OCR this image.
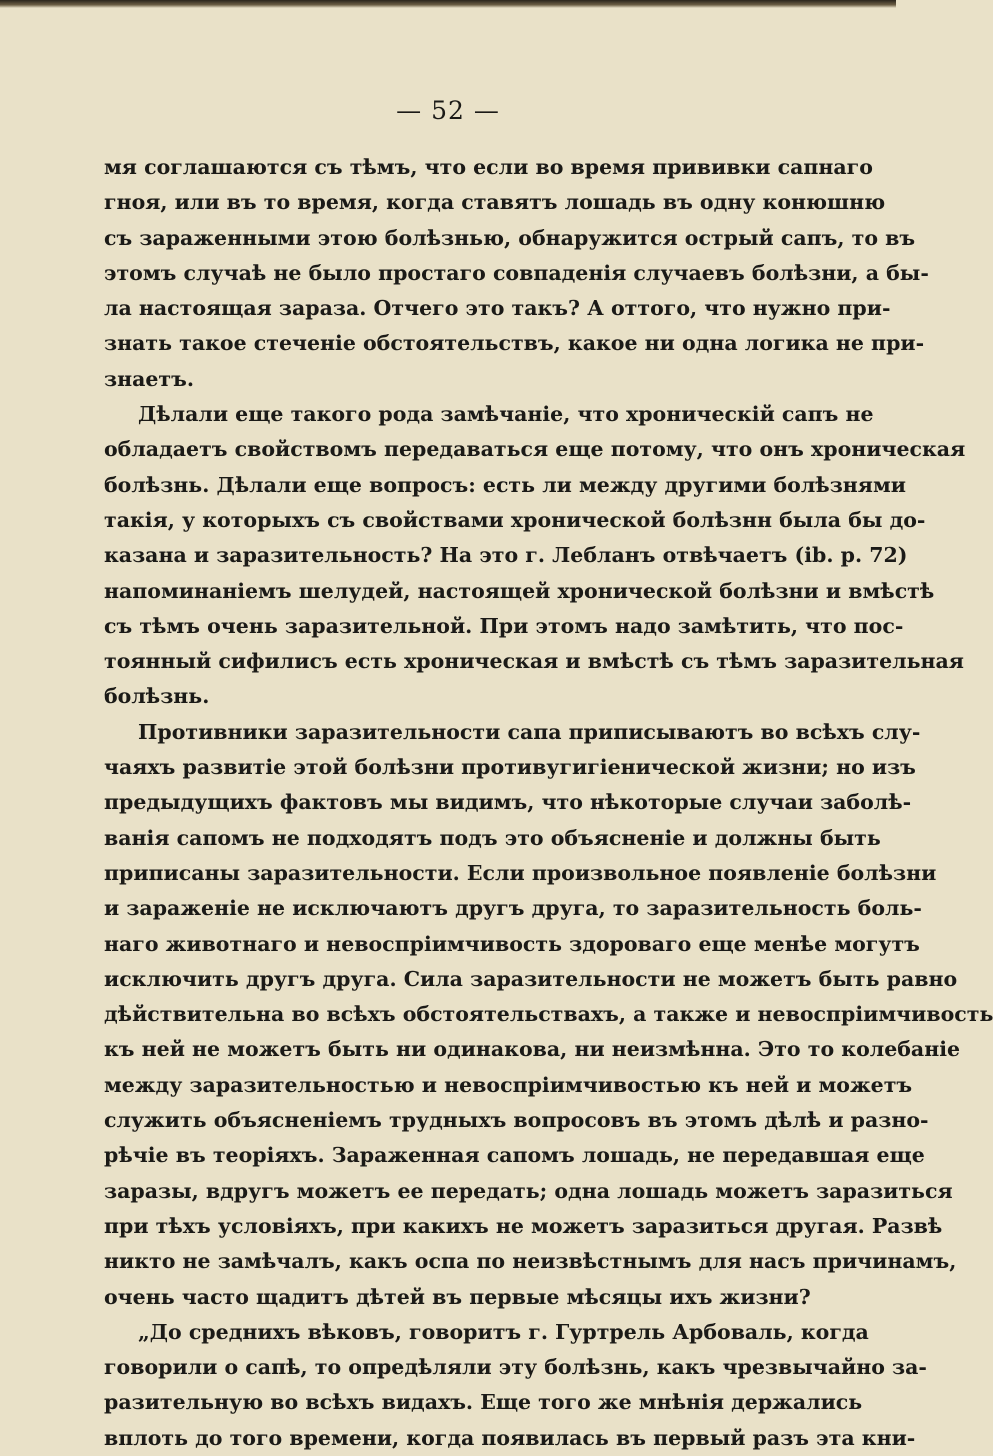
— 52 —
мя соглашаются съ тѣмъ, что если во время прививки сапнаго
гноя, или въ то время, когда ставятъ лошадь въ одну конюшню
съ зараженными этою болѣзнью, обнаружится острый сапъ, то въ
этомъ случаѣ не было простаго совпаденія случаевъ болѣзни, а бы-
ла настоящая зараза. Отчего это такъ? А оттого, что нужно при-
знать такое стеченіе обстоятельствъ, какое ни одна логика не при-
знаетъ.
Дѣлали еще такого рода замѣчаніе, что хроническій сапъ не
обладаетъ свойствомъ передаваться еще потому, что онъ хроническая
болѣзнь. Дѣлали еще вопросъ: есть ли между другими болѣзнями
такія, у которыхъ съ свойствами хронической болѣзнн была бы до-
казана и заразительность? На это г. Лебланъ отвѣчаетъ (ib. p. 72)
напоминаніемъ шелудей, настоящей хронической болѣзни и вмѣстѣ
съ тѣмъ очень заразительной. При этомъ надо замѣтить, что пос-
тоянный сифилисъ есть хроническая и вмѣстѣ съ тѣмъ заразительная
болѣзнь.
Противники заразительности сапа приписываютъ во всѣхъ слу-
чаяхъ развитіе этой болѣзни противугигіенической жизни; но изъ
предыдущихъ фактовъ мы видимъ, что нѣкоторые случаи заболѣ-
ванія сапомъ не подходятъ подъ это объясненіе и должны быть
приписаны заразительности. Если произвольное появленіе болѣзни
и зараженіе не исключаютъ другъ друга, то заразительность боль-
наго животнаго и невоспріимчивость здороваго еще менѣе могутъ
исключить другъ друга. Сила заразительности не можетъ быть равно
дѣйствительна во всѣхъ обстоятельствахъ, а также и невоспріимчивость
къ ней не можетъ быть ни одинакова, ни неизмѣнна. Это то колебаніе
между заразительностью и невоспріимчивостью къ ней и можетъ
служить объясненіемъ трудныхъ вопросовъ въ этомъ дѣлѣ и разно-
рѣчіе въ теоріяхъ. Зараженная сапомъ лошадь, не передавшая еще
заразы, вдругъ можетъ ее передать; одна лошадь можетъ заразиться
при тѣхъ условіяхъ, при какихъ не можетъ заразиться другая. Развѣ
никто не замѣчалъ, какъ оспа по неизвѣстнымъ для насъ причинамъ,
очень часто щадитъ дѣтей въ первые мѣсяцы ихъ жизни?
„До среднихъ вѣковъ, говоритъ г. Гуртрель Арбоваль, когда
говорили о сапѣ, то опредѣляли эту болѣзнь, какъ чрезвычайно за-
разительную во всѣхъ видахъ. Еще того же мнѣнія держались
вплоть до того времени, когда появилась въ первый разъ эта кни-
